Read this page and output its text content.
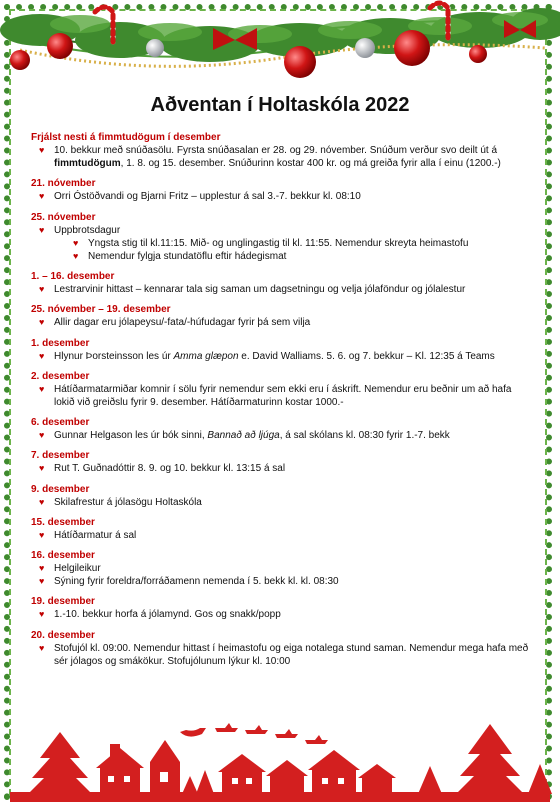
Aðventan í Holtaskóla 2022
Frjálst nesti á fimmtudögum í desember
♥ 10. bekkur með snúðasölu. Fyrsta snúðasalan er 28. og 29. nóvember. Snúðum verður svo deilt út á fimmtudögum, 1. 8. og 15. desember. Snúðurinn kostar 400 kr. og má greiða fyrir alla í einu (1200.-)
21. nóvember
♥ Orri Óstöðvandi og Bjarni Fritz – upplestur á sal 3.-7. bekkur kl. 08:10
25. nóvember
♥ Uppbrotsdagur
♥ Yngsta stig til kl.11:15. Mið- og unglingastig til kl. 11:55. Nemendur skreyta heimastofu
♥ Nemendur fylgja stundatöflu eftir hádegismat
1. – 16. desember
♥ Lestrarvinir hittast – kennarar tala sig saman um dagsetningu og velja jólaföndur og jólalestur
25. nóvember – 19. desember
♥ Allir dagar eru jólapeysu/-fata/-húfudagar fyrir þá sem vilja
1. desember
♥ Hlynur Þorsteinsson les úr Amma glæpon e. David Walliams. 5. 6. og 7. bekkur – Kl. 12:35 á Teams
2. desember
♥ Hátíðarmatarmiðar komnir í sölu fyrir nemendur sem ekki eru í áskrift. Nemendur eru beðnir um að hafa lokið við greiðslu fyrir 9. desember. Hátíðarmaturinn kostar 1000.-
6. desember
♥ Gunnar Helgason les úr bók sinni, Bannað að ljúga, á sal skólans kl. 08:30 fyrir 1.-7. bekk
7. desember
♥ Rut T. Guðnadóttir 8. 9. og 10. bekkur kl. 13:15 á sal
9. desember
♥ Skilafrestur á jólasögu Holtaskóla
15. desember
♥ Hátíðarmatur á sal
16. desember
♥ Helgileikur
♥ Sýning fyrir foreldra/forráðamenn nemenda í 5. bekk kl. kl. 08:30
19. desember
♥ 1.-10. bekkur horfa á jólamynd. Gos og snakk/popp
20. desember
♥ Stofujól kl. 09:00. Nemendur hittast í heimastofu og eiga notalega stund saman. Nemendur mega hafa með sér jólagos og smákökur. Stofujólunum lýkur kl. 10:00
